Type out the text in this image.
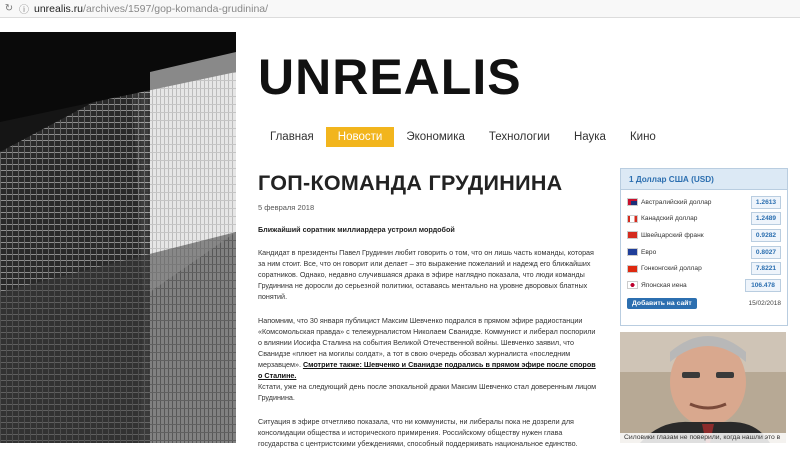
↻ ⓘ unrealis.ru/archives/1597/gop-komanda-grudinina/
UNREALIS
Главная	Новости	Экономика	Технологии	Наука	Кино
ГОП-КОМАНДА ГРУДИНИНА
5 февраля 2018

Ближайший соратник миллиардера устроил мордобой

Кандидат в президенты Павел Грудинин любит говорить о том, что он лишь часть команды, которая за ним стоит. Все, что он говорит или делает – это выражение пожеланий и надежд его ближайших соратников. Однако, недавно случившаяся драка в эфире наглядно показала, что люди команды Грудинина не доросли до серьезной политики, оставаясь ментально на уровне дворовых блатных понятий.

Напомним, что 30 января публицист Максим Шевченко подрался в прямом эфире радиостанции «Комсомольская правда» с тележурналистом Николаем Сванидзе. Коммунист и либерал поспорили о влиянии Иосифа Сталина на события Великой Отечественной войны. Шевченко заявил, что Сванидзе «плюет на могилы солдат», а тот в свою очередь обозвал журналиста «последним мерзавцем». Смотрите также: Шевченко и Сванидзе подрались в прямом эфире после споров о Сталине.
Кстати, уже на следующий день после эпохальной драки Максим Шевченко стал доверенным лицом Грудинина.

Ситуация в эфире отчетливо показала, что ни коммунисты, ни либералы пока не дозрели для консолидации общества и исторического примирения. Российскому обществу нужен глава государства с центристскими убеждениями, способный поддерживать национальное единство.

1 Доллар США (USD)
Австралийский доллар	1.2613
Канадский доллар	1.2489
Швейцарский франк	0.9282
Евро	0.8027
Гонконгский доллар	7.8221
Японская иена	106.478
Добавить на сайт	15/02/2018
Силовики глазам не поверили, когда нашли это в
